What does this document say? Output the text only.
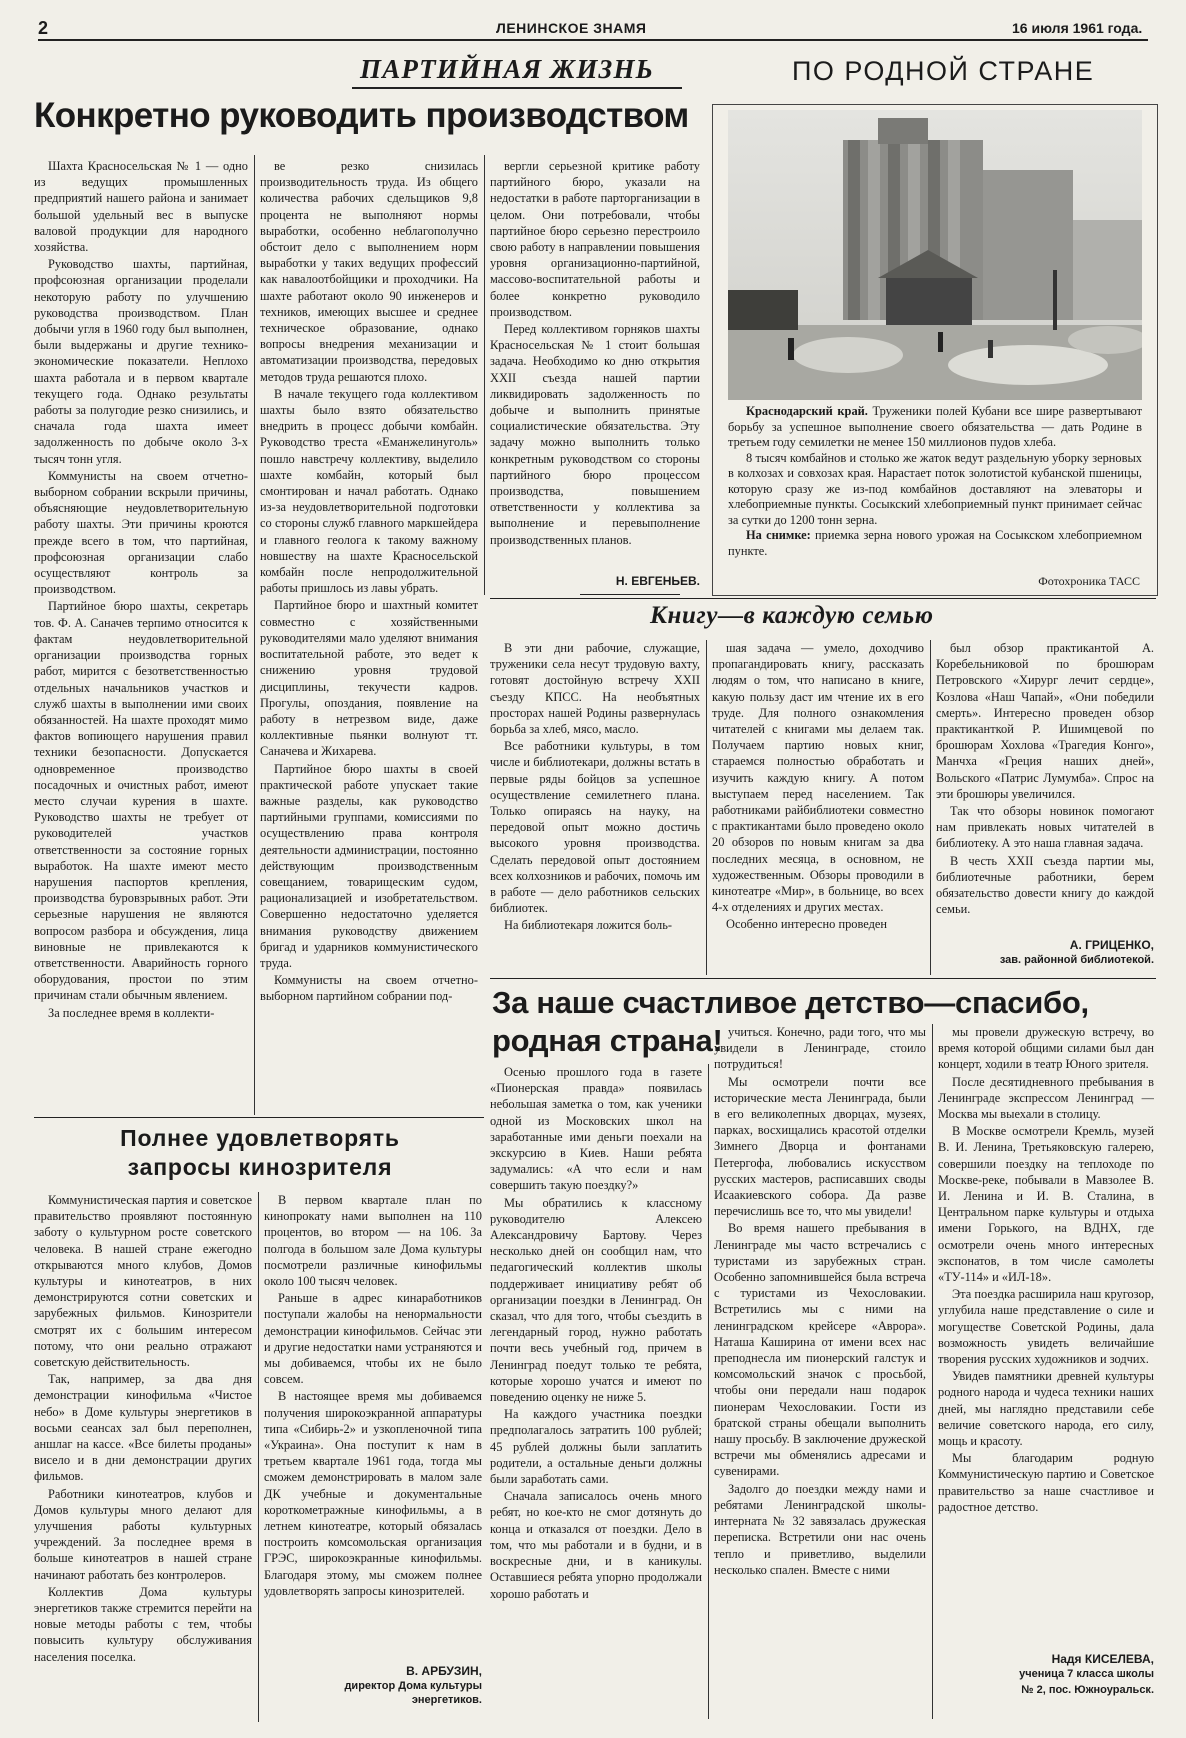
2	ЛЕНИНСКОЕ ЗНАМЯ	16 июля 1961 года.
ПАРТИЙНАЯ ЖИЗНЬ	ПО РОДНОЙ СТРАНЕ
Конкретно руководить производством

Шахта Красносельская № 1 — одно из ведущих промышленных предприятий нашего района и занимает большой удельный вес в выпуске валовой продукции для народного хозяйства.

Руководство шахты, партийная, профсоюзная организации проделали некоторую работу по улучшению руководства производством. План добычи угля в 1960 году был выполнен, были выдержаны и другие технико-экономические показатели. Неплохо шахта работала и в первом квартале текущего года. Однако результаты работы за полугодие резко снизились, и сначала года шахта имеет задолженность по добыче около 3-х тысяч тонн угля.

Коммунисты на своем отчетно-выборном собрании вскрыли причины, объясняющие неудовлетворительную работу шахты. Эти причины кроются прежде всего в том, что партийная, профсоюзная организации слабо осуществляют контроль за производством.

Партийное бюро шахты, секретарь тов. Ф. А. Саначев терпимо относится к фактам неудовлетворительной организации производства горных работ, мирится с безответственностью отдельных начальников участков и служб шахты в выполнении ими своих обязанностей. На шахте проходят мимо фактов вопиющего нарушения правил техники безопасности. Допускается одновременное производство посадочных и очистных работ, имеют место случаи курения в шахте. Руководство шахты не требует от руководителей участков ответственности за состояние горных выработок. На шахте имеют место нарушения паспортов крепления, производства буровзрывных работ. Эти серьезные нарушения не являются вопросом разбора и обсуждения, лица виновные не привлекаются к ответственности. Аварийность горного оборудования, простои по этим причинам стали обычным явлением.

За последнее время в коллекти-

ве резко снизилась производительность труда. Из общего количества рабочих сдельщиков 9,8 процента не выполняют нормы выработки, особенно неблагополучно обстоит дело с выполнением норм выработки у таких ведущих профессий как навалоотбойщики и проходчики. На шахте работают около 90 инженеров и техников, имеющих высшее и среднее техническое образование, однако вопросы внедрения механизации и автоматизации производства, передовых методов труда решаются плохо.

В начале текущего года коллективом шахты было взято обязательство внедрить в процесс добычи комбайн. Руководство треста «Еманжелинуголь» пошло навстречу коллективу, выделило шахте комбайн, который был смонтирован и начал работать. Однако из-за неудовлетворительной подготовки со стороны служб главного маркшейдера и главного геолога к такому важному новшеству на шахте Красносельской комбайн после непродолжительной работы пришлось из лавы убрать.

Партийное бюро и шахтный комитет совместно с хозяйственными руководителями мало уделяют внимания воспитательной работе, это ведет к снижению уровня трудовой дисциплины, текучести кадров. Прогулы, опоздания, появление на работу в нетрезвом виде, даже коллективные пьянки волнуют тт. Саначева и Жихарева.

Партийное бюро шахты в своей практической работе упускает такие важные разделы, как руководство партийными группами, комиссиями по осуществлению права контроля деятельности администрации, постоянно действующим производственным совещанием, товарищеским судом, рационализацией и изобретательством. Совершенно недостаточно уделяется внимания руководству движением бригад и ударников коммунистического труда.

Коммунисты на своем отчетно-выборном партийном собрании под-

вергли серьезной критике работу партийного бюро, указали на недостатки в работе парторганизации в целом. Они потребовали, чтобы партийное бюро серьезно перестроило свою работу в направлении повышения уровня организационно-партийной, массово-воспитательной работы и более конкретно руководило производством.

Перед коллективом горняков шахты Красносельская № 1 стоит большая задача. Необходимо ко дню открытия XXII съезда нашей партии ликвидировать задолженность по добыче и выполнить принятые социалистические обязательства. Эту задачу можно выполнить только конкретным руководством со стороны партийного бюро процессом производства, повышением ответственности у коллектива за выполнение и перевыполнение производственных планов.

Н. ЕВГЕНЬЕВ.

Краснодарский край. Труженики полей Кубани все шире развертывают борьбу за успешное выполнение своего обязательства — дать Родине в третьем году семилетки не менее 150 миллионов пудов хлеба.

8 тысяч комбайнов и столько же жаток ведут раздельную уборку зерновых в колхозах и совхозах края. Нарастает поток золотистой кубанской пшеницы, которую сразу же из-под комбайнов доставляют на элеваторы и хлебоприемные пункты. Сосыкский хлебоприемный пункт принимает сейчас за сутки до 1200 тонн зерна.

На снимке: приемка зерна нового урожая на Сосыкском хлебоприемном пункте.

Фотохроника ТАСС
Книгу—в каждую семью

В эти дни рабочие, служащие, труженики села несут трудовую вахту, готовят достойную встречу XXII съезду КПСС. На необъятных просторах нашей Родины развернулась борьба за хлеб, мясо, масло.

Все работники культуры, в том числе и библиотекари, должны встать в первые ряды бойцов за успешное осуществление семилетнего плана. Только опираясь на науку, на передовой опыт можно достичь высокого уровня производства. Сделать передовой опыт достоянием всех колхозников и рабочих, помочь им в работе — дело работников сельских библиотек.

На библиотекаря ложится боль-

шая задача — умело, доходчиво пропагандировать книгу, рассказать людям о том, что написано в книге, какую пользу даст им чтение их в его труде. Для полного ознакомления читателей с книгами мы делаем так. Получаем партию новых книг, стараемся полностью обработать и изучить каждую книгу. А потом выступаем перед населением. Так работниками райбиблиотеки совместно с практикантами было проведено около 20 обзоров по новым книгам за два последних месяца, в основном, не художественным. Обзоры проводили в кинотеатре «Мир», в больнице, во всех 4-х отделениях и других местах.

Особенно интересно проведен

был обзор практикантой А. Коребельниковой по брошюрам Петровского «Хирург лечит сердце», Козлова «Наш Чапай», «Они победили смерть». Интересно проведен обзор практиканткой Р. Ишимцевой по брошюрам Хохлова «Трагедия Конго», Манчха «Греция наших дней», Вольского «Патрис Лумумба». Спрос на эти брошюры увеличился.

Так что обзоры новинок помогают нам привлекать новых читателей в библиотеку. А это наша главная задача.

В честь XXII съезда партии мы, библиотечные работники, берем обязательство довести книгу до каждой семьи.

А. ГРИЦЕНКО,
зав. районной библиотекой.
За наше счастливое детство—спасибо, родная страна!

Осенью прошлого года в газете «Пионерская правда» появилась небольшая заметка о том, как ученики одной из Московских школ на заработанные ими деньги поехали на экскурсию в Киев. Наши ребята задумались: «А что если и нам совершить такую поездку?»

Мы обратились к классному руководителю Алексею Александровичу Бартову. Через несколько дней он сообщил нам, что педагогический коллектив школы поддерживает инициативу ребят об организации поездки в Ленинград. Он сказал, что для того, чтобы съездить в легендарный город, нужно работать почти весь учебный год, причем в Ленинград поедут только те ребята, которые хорошо учатся и имеют по поведению оценку не ниже 5.

На каждого участника поездки предполагалось затратить 100 рублей; 45 рублей должны были заплатить родители, а остальные деньги должны были заработать сами.

Сначала записалось очень много ребят, но кое-кто не смог дотянуть до конца и отказался от поездки. Дело в том, что мы работали и в будни, и в воскресные дни, и в каникулы. Оставшиеся ребята упорно продолжали хорошо работать и

учиться. Конечно, ради того, что мы увидели в Ленинграде, стоило потрудиться!

Мы осмотрели почти все исторические места Ленинграда, были в его великолепных дворцах, музеях, парках, восхищались красотой отделки Зимнего Дворца и фонтанами Петергофа, любовались искусством русских мастеров, расписавших своды Исаакиевского собора. Да разве перечислишь все то, что мы увидели!

Во время нашего пребывания в Ленинграде мы часто встречались с туристами из зарубежных стран. Особенно запомнившейся была встреча с туристами из Чехословакии. Встретились мы с ними на ленинградском крейсере «Аврора». Наташа Каширина от имени всех нас преподнесла им пионерский галстук и комсомольский значок с просьбой, чтобы они передали наш подарок пионерам Чехословакии. Гости из братской страны обещали выполнить нашу просьбу. В заключение дружеской встречи мы обменялись адресами и сувенирами.

Задолго до поездки между нами и ребятами Ленинградской школы-интерната № 32 завязалась дружеская переписка. Встретили они нас очень тепло и приветливо, выделили несколько спален. Вместе с ними

мы провели дружескую встречу, во время которой общими силами был дан концерт, ходили в театр Юного зрителя.

После десятидневного пребывания в Ленинграде экспрессом Ленинград — Москва мы выехали в столицу.

В Москве осмотрели Кремль, музей В. И. Ленина, Третьяковскую галерею, совершили поездку на теплоходе по Москве-реке, побывали в Мавзолее В. И. Ленина и И. В. Сталина, в Центральном парке культуры и отдыха имени Горького, на ВДНХ, где осмотрели очень много интересных экспонатов, в том числе самолеты «ТУ-114» и «ИЛ-18».

Эта поездка расширила наш кругозор, углубила наше представление о силе и могуществе Советской Родины, дала возможность увидеть величайшие творения русских художников и зодчих.

Увидев памятники древней культуры родного народа и чудеса техники наших дней, мы наглядно представили себе величие советского народа, его силу, мощь и красоту.

Мы благодарим родную Коммунистическую партию и Советское правительство за наше счастливое и радостное детство.

Надя КИСЕЛЕВА,
ученица 7 класса школы
№ 2, пос. Южноуральск.
Полнее удовлетворять запросы кинозрителя

Коммунистическая партия и советское правительство проявляют постоянную заботу о культурном росте советского человека. В нашей стране ежегодно открываются много клубов, Домов культуры и кинотеатров, в них демонстрируются сотни советских и зарубежных фильмов. Кинозрители смотрят их с большим интересом потому, что они реально отражают советскую действительность.

Так, например, за два дня демонстрации кинофильма «Чистое небо» в Доме культуры энергетиков в восьми сеансах зал был переполнен, аншлаг на кассе. «Все билеты проданы» висело и в дни демонстрации других фильмов.

Работники кинотеатров, клубов и Домов культуры много делают для улучшения работы культурных учреждений. За последнее время в больше кинотеатров в нашей стране начинают работать без контролеров.

Коллектив Дома культуры энергетиков также стремится перейти на новые методы работы с тем, чтобы повысить культуру обслуживания населения поселка.

В первом квартале план по кинопрокату нами выполнен на 110 процентов, во втором — на 106. За полгода в большом зале Дома культуры посмотрели различные кинофильмы около 100 тысяч человек.

Раньше в адрес кинаработников поступали жалобы на ненормальности демонстрации кинофильмов. Сейчас эти и другие недостатки нами устраняются и мы добиваемся, чтобы их не было совсем.

В настоящее время мы добиваемся получения широкоэкранной аппаратуры типа «Сибирь-2» и узкопленочной типа «Украина». Она поступит к нам в третьем квартале 1961 года, тогда мы сможем демонстрировать в малом зале ДК учебные и документальные короткометражные кинофильмы, а в летнем кинотеатре, который обязалась построить комсомольская организация ГРЭС, широкоэкранные кинофильмы. Благодаря этому, мы сможем полнее удовлетворять запросы кинозрителей.

В. АРБУЗИН,
директор Дома культуры энергетиков.
